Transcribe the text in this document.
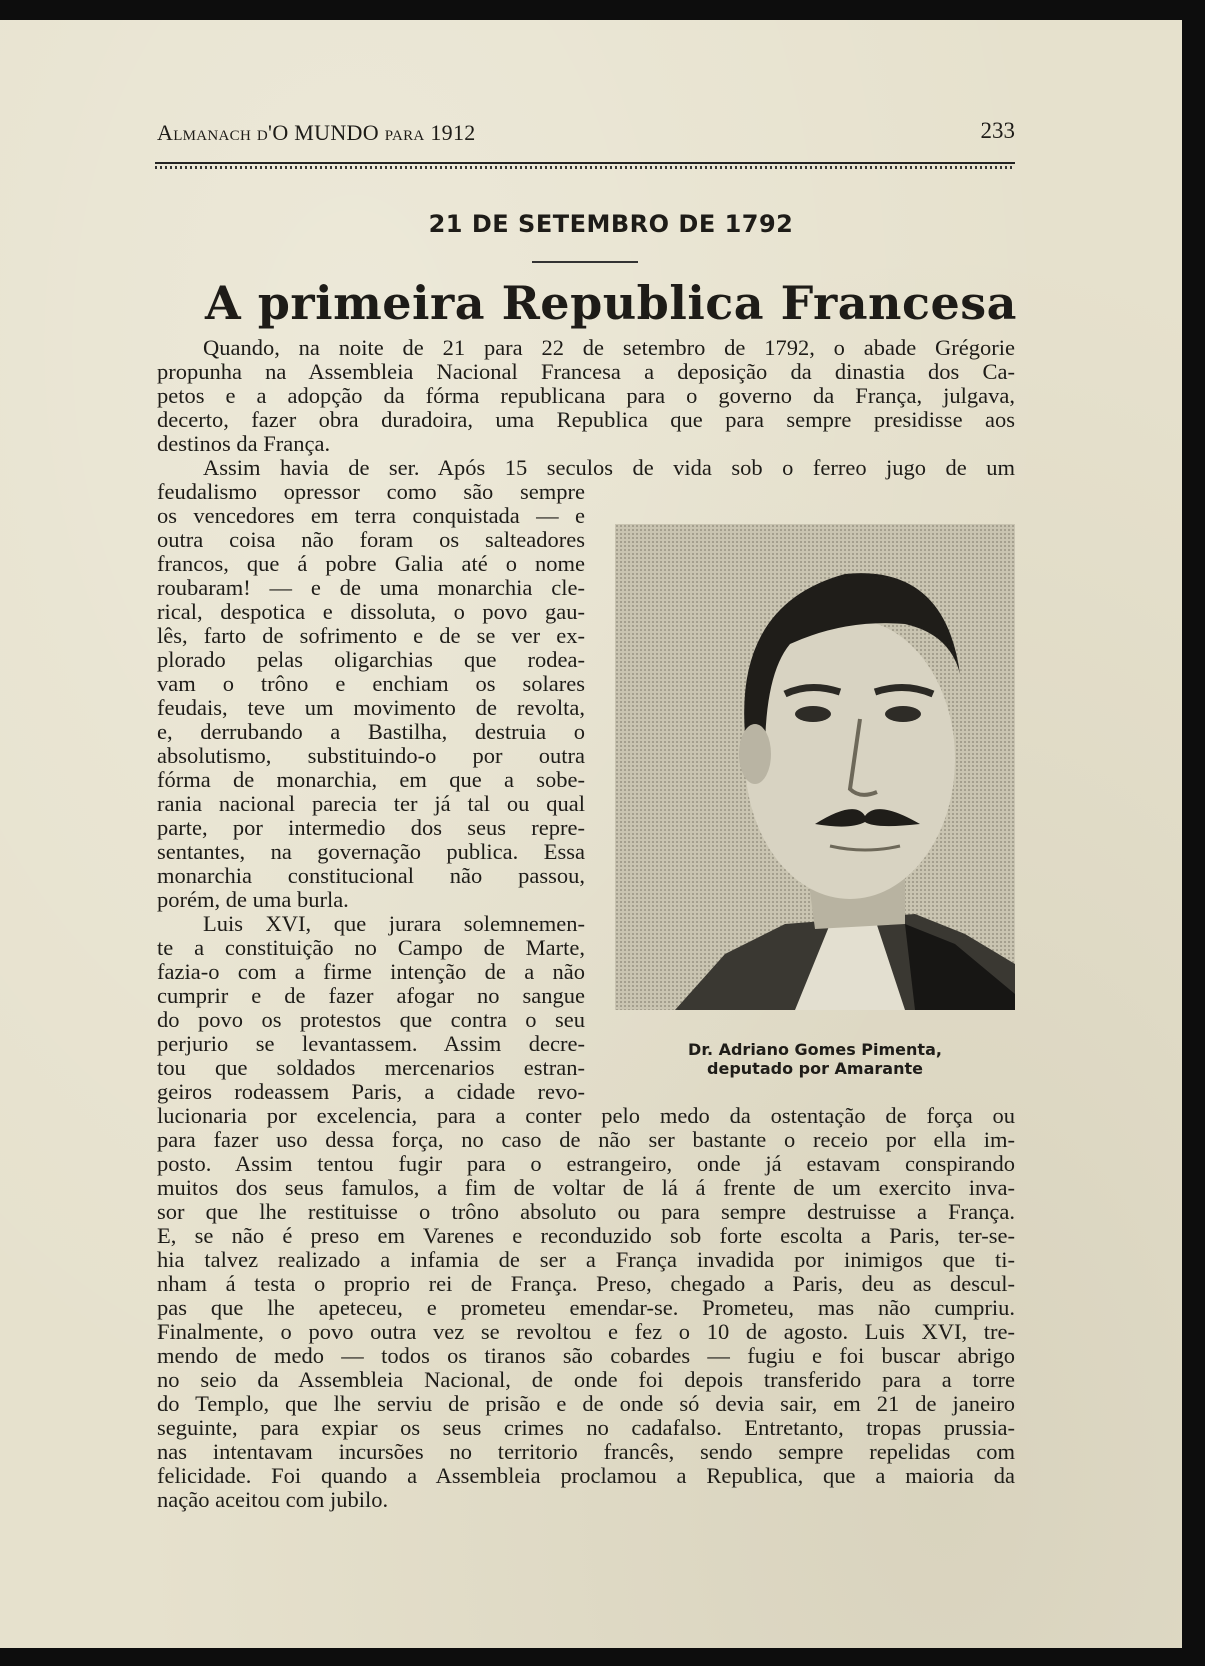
Almanach d'O MUNDO para 1912	233
21 DE SETEMBRO DE 1792
A primeira Republica Francesa
Quando, na noite de 21 para 22 de setembro de 1792, o abade Grégorie
propunha na Assembleia Nacional Francesa a deposição da dinastia dos Ca-
petos e a adopção da fórma republicana para o governo da França, julgava,
decerto, fazer obra duradoira, uma Republica que para sempre presidisse aos
destinos da França.
Assim havia de ser. Após 15 seculos de vida sob o ferreo jugo de um
feudalismo opressor como são sempre
os vencedores em terra conquistada — e
outra coisa não foram os salteadores
francos, que á pobre Galia até o nome
roubaram! — e de uma monarchia cle-
rical, despotica e dissoluta, o povo gau-
lês, farto de sofrimento e de se ver ex-
plorado pelas oligarchias que rodea-
vam o trôno e enchiam os solares
feudais, teve um movimento de revolta,
e, derrubando a Bastilha, destruia o
absolutismo, substituindo-o por outra
fórma de monarchia, em que a sobe-
rania nacional parecia ter já tal ou qual
parte, por intermedio dos seus repre-
sentantes, na governação publica. Essa
monarchia constitucional não passou,
porém, de uma burla.
Luis XVI, que jurara solemnemen-
te a constituição no Campo de Marte,
fazia-o com a firme intenção de a não
cumprir e de fazer afogar no sangue
do povo os protestos que contra o seu
perjurio se levantassem. Assim decre-
tou que soldados mercenarios estran-
geiros rodeassem Paris, a cidade revo-
lucionaria por excelencia, para a conter pelo medo da ostentação de força ou
para fazer uso dessa força, no caso de não ser bastante o receio por ella im-
posto. Assim tentou fugir para o estrangeiro, onde já estavam conspirando
muitos dos seus famulos, a fim de voltar de lá á frente de um exercito inva-
sor que lhe restituisse o trôno absoluto ou para sempre destruisse a França.
E, se não é preso em Varenes e reconduzido sob forte escolta a Paris, ter-se-
hia talvez realizado a infamia de ser a França invadida por inimigos que ti-
nham á testa o proprio rei de França. Preso, chegado a Paris, deu as descul-
pas que lhe apeteceu, e prometeu emendar-se. Prometeu, mas não cumpriu.
Finalmente, o povo outra vez se revoltou e fez o 10 de agosto. Luis XVI, tre-
mendo de medo — todos os tiranos são cobardes — fugiu e foi buscar abrigo
no seio da Assembleia Nacional, de onde foi depois transferido para a torre
do Templo, que lhe serviu de prisão e de onde só devia sair, em 21 de janeiro
seguinte, para expiar os seus crimes no cadafalso. Entretanto, tropas prussia-
nas intentavam incursões no territorio francês, sendo sempre repelidas com
felicidade. Foi quando a Assembleia proclamou a Republica, que a maioria da
nação aceitou com jubilo.
Dr. Adriano Gomes Pimenta,
deputado por Amarante
